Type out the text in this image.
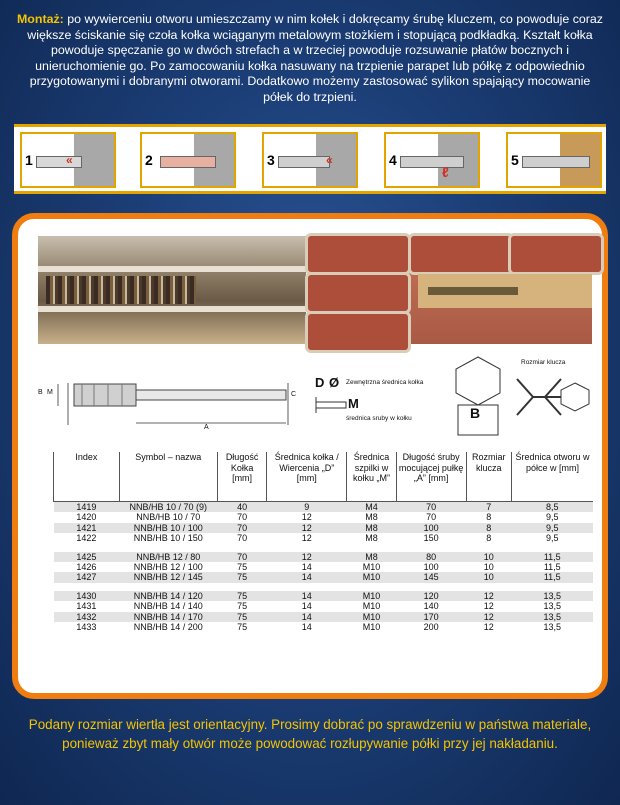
Montaż: po wywierceniu otworu umieszczamy w nim kołek i dokręcamy śrubę kluczem, co powoduje coraz większe ściskanie się czoła kołka wciąganym metalowym stożkiem i stopującą podkładką. Kształt kołka powoduje spęczanie go w dwóch strefach a w trzeciej powoduje rozsuwanie płatów bocznych i unieruchomienie go. Po zamocowaniu kołka nasuwany na trzpienie parapet lub półkę z odpowiednio przygotowanymi i dobranymi otworami. Dodatkowo możemy zastosować sylikon spajający mocowanie półek do trzpieni.
1	«	2	3	«	4
ℓ
5
B M
A
C
D Ø Zewnętrzna średnica kołka
M
średnica sruby w kołku	B
Rozmiar klucza
Index	Symbol – nazwa	Długość Kołka [mm]	Średnica kołka / Wiercenia „D” [mm]	Średnica szpilki w kołku „M”	Długość śruby mocującej pułkę „A” [mm]	Rozmiar klucza	Średnica otworu w półce w [mm]
1419	NNB/HB 10 / 70 (9)	40	9	M4	70	7	8,5
1420	NNB/HB 10 / 70	70	12	M8	70	8	9,5
1421	NNB/HB 10 / 100	70	12	M8	100	8	9,5
1422	NNB/HB 10 / 150	70	12	M8	150	8	9,5

1425	NNB/HB 12 / 80	70	12	M8	80	10	11,5
1426	NNB/HB 12 / 100	75	14	M10	100	10	11,5
1427	NNB/HB 12 / 145	75	14	M10	145	10	11,5

1430	NNB/HB 14 / 120	75	14	M10	120	12	13,5
1431	NNB/HB 14 / 140	75	14	M10	140	12	13,5
1432	NNB/HB 14 / 170	75	14	M10	170	12	13,5
1433	NNB/HB 14 / 200	75	14	M10	200	12	13,5
Podany rozmiar wiertła jest orientacyjny. Prosimy dobrać po sprawdzeniu w państwa materiale, ponieważ zbyt mały otwór może powodować rozłupywanie półki przy jej nakładaniu.
